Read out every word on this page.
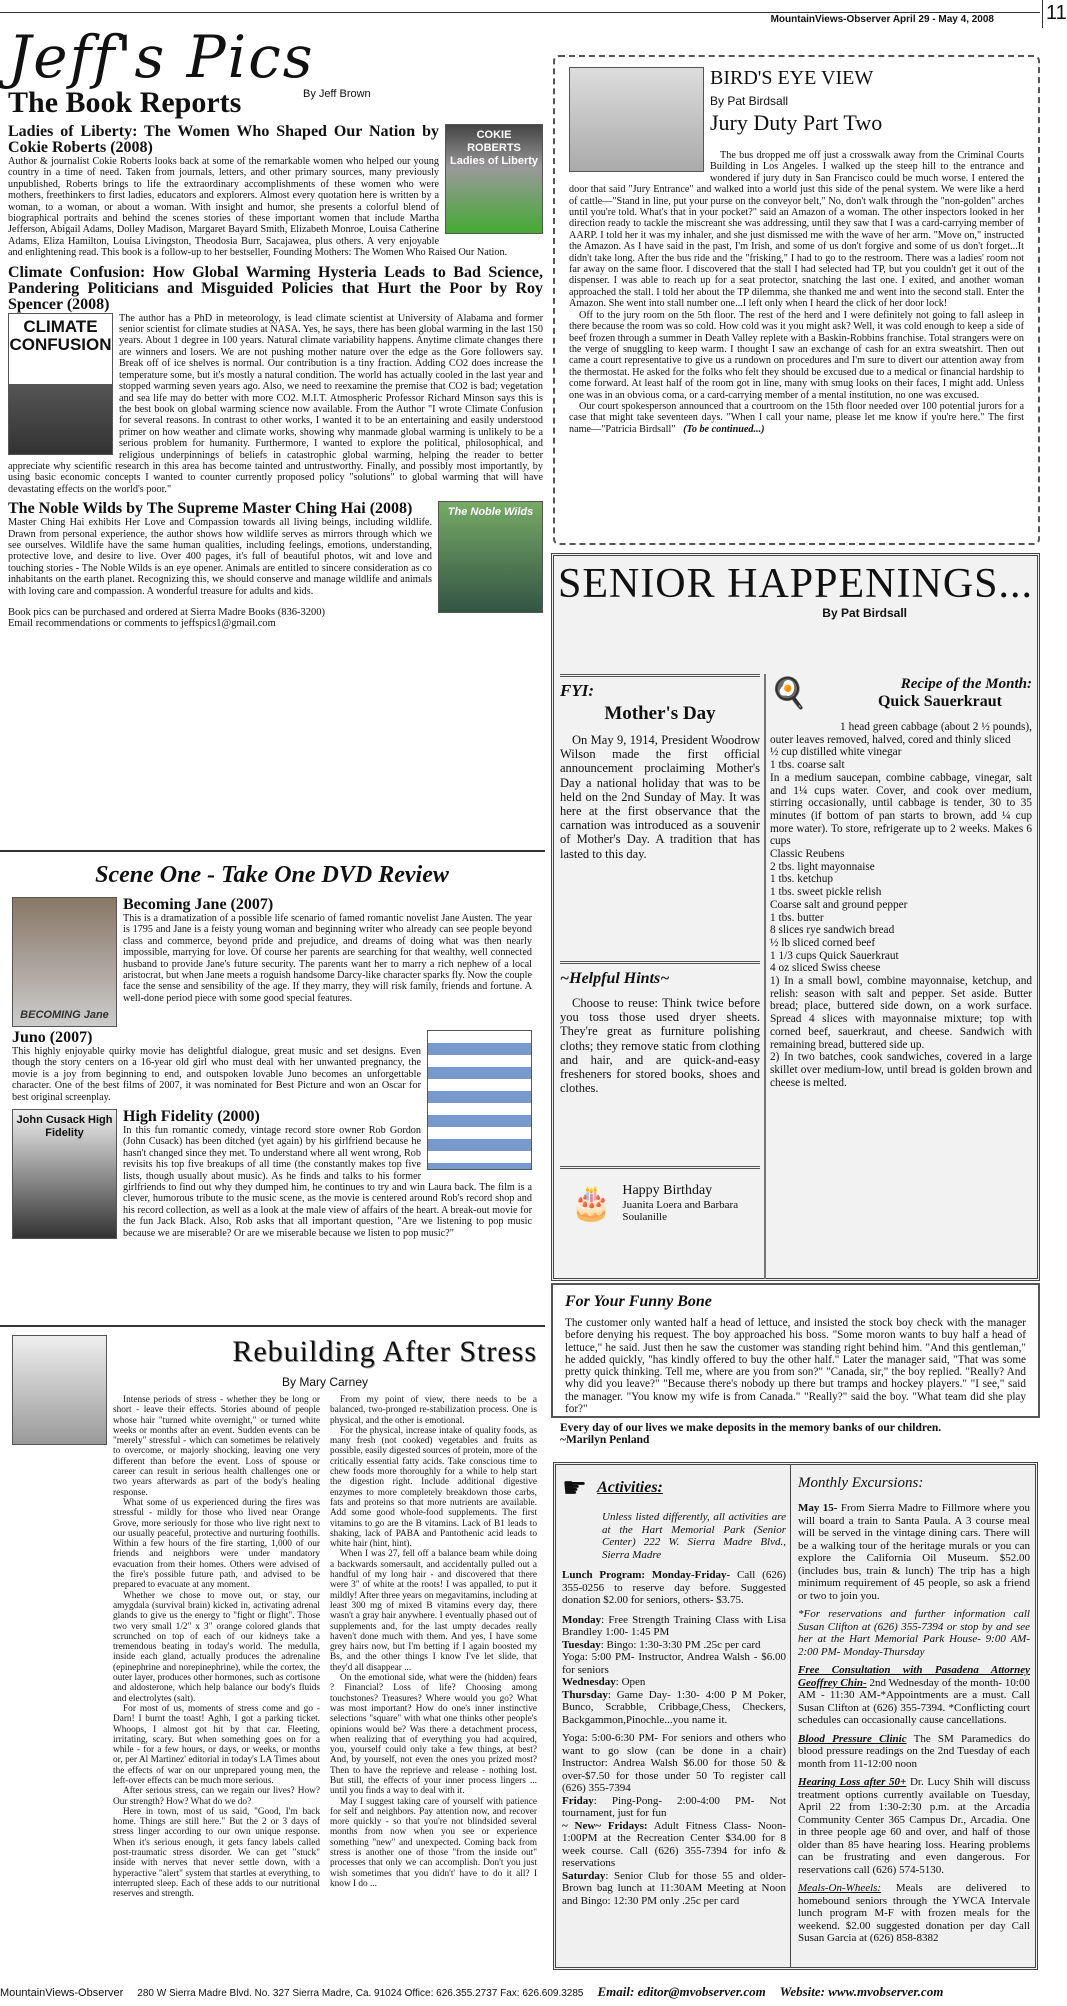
MountainViews-Observer April 29 - May 4, 2008	11
Jeff's Pics
The Book Reports	By Jeff Brown
COKIE ROBERTS Ladies of Liberty
Ladies of Liberty: The Women Who Shaped Our Nation by Cokie Roberts (2008)
Author & journalist Cokie Roberts looks back at some of the remarkable women who helped our young country in a time of need. Taken from journals, letters, and other primary sources, many previously unpublished, Roberts brings to life the extraordinary accomplishments of these women who were mothers, freethinkers to first ladies, educators and explorers. Almost every quotation here is written by a woman, to a woman, or about a woman. With insight and humor, she presents a colorful blend of biographical portraits and behind the scenes stories of these important women that include Martha Jefferson, Abigail Adams, Dolley Madison, Margaret Bayard Smith, Elizabeth Monroe, Louisa Catherine Adams, Eliza Hamilton, Louisa Livingston, Theodosia Burr, Sacajawea, plus others. A very enjoyable and enlightening read. This book is a follow-up to her bestseller, Founding Mothers: The Women Who Raised Our Nation.
Climate Confusion: How Global Warming Hysteria Leads to Bad Science, Pandering Politicians and Misguided Policies that Hurt the Poor by Roy Spencer (2008)
CLIMATE CONFUSION
The author has a PhD in meteorology, is lead climate scientist at University of Alabama and former senior scientist for climate studies at NASA. Yes, he says, there has been global warming in the last 150 years. About 1 degree in 100 years. Natural climate variability happens. Anytime climate changes there are winners and losers. We are not pushing mother nature over the edge as the Gore followers say. Break off of ice shelves is normal. Our contribution is a tiny fraction. Adding CO2 does increase the temperature some, but it's mostly a natural condition. The world has actually cooled in the last year and stopped warming seven years ago. Also, we need to reexamine the premise that CO2 is bad; vegetation and sea life may do better with more CO2. M.I.T. Atmospheric Professor Richard Minson says this is the best book on global warming science now available. From the Author "I wrote Climate Confusion for several reasons. In contrast to other works, I wanted it to be an entertaining and easily understood primer on how weather and climate works, showing why manmade global warming is unlikely to be a serious problem for humanity. Furthermore, I wanted to explore the political, philosophical, and religious underpinnings of beliefs in catastrophic global warming, helping the reader to better appreciate why scientific research in this area has become tainted and untrustworthy. Finally, and possibly most importantly, by using basic economic concepts I wanted to counter currently proposed policy "solutions" to global warming that will have devastating effects on the world's poor."
The Noble Wilds
The Noble Wilds by The Supreme Master Ching Hai (2008)
Master Ching Hai exhibits Her Love and Compassion towards all living beings, including wildlife. Drawn from personal experience, the author shows how wildlife serves as mirrors through which we see ourselves. Wildlife have the same human qualities, including feelings, emotions, understanding, protective love, and desire to live. Over 400 pages, it's full of beautiful photos, wit and love and touching stories - The Noble Wilds is an eye opener. Animals are entitled to sincere consideration as co inhabitants on the earth planet. Recognizing this, we should conserve and manage wildlife and animals with loving care and compassion. A wonderful treasure for adults and kids.
Book pics can be purchased and ordered at Sierra Madre Books (836-3200)
Email recommendations or comments to jeffspics1@gmail.com
Scene One - Take One DVD Review
BECOMING Jane
Becoming Jane (2007)
This is a dramatization of a possible life scenario of famed romantic novelist Jane Austen. The year is 1795 and Jane is a feisty young woman and beginning writer who already can see people beyond class and commerce, beyond pride and prejudice, and dreams of doing what was then nearly impossible, marrying for love. Of course her parents are searching for that wealthy, well connected husband to provide Jane's future security. The parents want her to marry a rich nephew of a local aristocrat, but when Jane meets a roguish handsome Darcy-like character sparks fly. Now the couple face the sense and sensibility of the age. If they marry, they will risk family, friends and fortune. A well-done period piece with some good special features.
Juno (2007)
This highly enjoyable quirky movie has delightful dialogue, great music and set designs. Even though the story centers on a 16-year old girl who must deal with her unwanted pregnancy, the movie is a joy from beginning to end, and outspoken lovable Juno becomes an unforgettable character. One of the best films of 2007, it was nominated for Best Picture and won an Oscar for best original screenplay.
John Cusack High Fidelity
High Fidelity (2000)
In this fun romantic comedy, vintage record store owner Rob Gordon (John Cusack) has been ditched (yet again) by his girlfriend because he hasn't changed since they met. To understand where all went wrong, Rob revisits his top five breakups of all time (the constantly makes top five lists, though usually about music). As he finds and talks to his former girlfriends to find out why they dumped him, he continues to try and win Laura back. The film is a clever, humorous tribute to the music scene, as the movie is centered around Rob's record shop and his record collection, as well as a look at the male view of affairs of the heart. A break-out movie for the fun Jack Black. Also, Rob asks that all important question, "Are we listening to pop music because we are miserable? Or are we miserable because we listen to pop music?"
BIRD'S EYE VIEW
By Pat Birdsall
Jury Duty Part Two

The bus dropped me off just a crosswalk away from the Criminal Courts Building in Los Angeles. I walked up the steep hill to the entrance and wondered if jury duty in San Francisco could be much worse. I entered the door that said "Jury Entrance" and walked into a world just this side of the penal system. We were like a herd of cattle—"Stand in line, put your purse on the conveyor belt," No, don't walk through the "non-golden" arches until you're told. What's that in your pocket?" said an Amazon of a woman. The other inspectors looked in her direction ready to tackle the miscreant she was addressing, until they saw that I was a card-carrying member of AARP. I told her it was my inhaler, and she just dismissed me with the wave of her arm. "Move on," instructed the Amazon. As I have said in the past, I'm Irish, and some of us don't forgive and some of us don't forget...It didn't take long. After the bus ride and the "frisking," I had to go to the restroom. There was a ladies' room not far away on the same floor. I discovered that the stall I had selected had TP, but you couldn't get it out of the dispenser. I was able to reach up for a seat protector, snatching the last one. I exited, and another woman approached the stall. I told her about the TP dilemma, she thanked me and went into the second stall. Enter the Amazon. She went into stall number one...I left only when I heard the click of her door lock!

Off to the jury room on the 5th floor. The rest of the herd and I were definitely not going to fall asleep in there because the room was so cold. How cold was it you might ask? Well, it was cold enough to keep a side of beef frozen through a summer in Death Valley replete with a Baskin-Robbins franchise. Total strangers were on the verge of snuggling to keep warm. I thought I saw an exchange of cash for an extra sweatshirt. Then out came a court representative to give us a rundown on procedures and I'm sure to divert our attention away from the thermostat. He asked for the folks who felt they should be excused due to a medical or financial hardship to come forward. At least half of the room got in line, many with smug looks on their faces, I might add. Unless one was in an obvious coma, or a card-carrying member of a mental institution, no one was excused.

Our court spokesperson announced that a courtroom on the 15th floor needed over 100 potential jurors for a case that might take seventeen days. "When I call your name, please let me know if you're here." The first name—"Patricia Birdsall" (To be continued...)

SENIOR HAPPENINGS...
By Pat Birdsall
FYI:
Mother's Day
On May 9, 1914, President Woodrow Wilson made the first official announcement proclaiming Mother's Day a national holiday that was to be held on the 2nd Sunday of May. It was here at the first observance that the carnation was introduced as a souvenir of Mother's Day. A tradition that has lasted to this day.
~Helpful Hints~
Choose to reuse: Think twice before you toss those used dryer sheets. They're great as furniture polishing cloths; they remove static from clothing and hair, and are quick-and-easy fresheners for stored books, shoes and clothes.
🎂 Happy Birthday
Juanita Loera and Barbara Soulanille
🍳	Recipe of the Month:
Quick Sauerkraut
1 head green cabbage (about 2 ½ pounds), outer leaves removed, halved, cored and thinly sliced
½ cup distilled white vinegar
1 tbs. coarse salt
In a medium saucepan, combine cabbage, vinegar, salt and 1¼ cups water. Cover, and cook over medium, stirring occasionally, until cabbage is tender, 30 to 35 minutes (if bottom of pan starts to brown, add ¼ cup more water). To store, refrigerate up to 2 weeks. Makes 6 cups
Classic Reubens
2 tbs. light mayonnaise
1 tbs. ketchup
1 tbs. sweet pickle relish
Coarse salt and ground pepper
1 tbs. butter
8 slices rye sandwich bread
½ lb sliced corned beef
1 1/3 cups Quick Sauerkraut
4 oz sliced Swiss cheese
1) In a small bowl, combine mayonnaise, ketchup, and relish: season with salt and pepper. Set aside. Butter bread; place, buttered side down, on a work surface. Spread 4 slices with mayonnaise mixture; top with corned beef, sauerkraut, and cheese. Sandwich with remaining bread, buttered side up.
2) In two batches, cook sandwiches, covered in a large skillet over medium-low, until bread is golden brown and cheese is melted.
For Your Funny Bone
The customer only wanted half a head of lettuce, and insisted the stock boy check with the manager before denying his request. The boy approached his boss. "Some moron wants to buy half a head of lettuce," he said. Just then he saw the customer was standing right behind him. "And this gentleman," he added quickly, "has kindly offered to buy the other half." Later the manager said, "That was some pretty quick thinking. Tell me, where are you from son?" "Canada, sir," the boy replied. "Really? And why did you leave?" "Because there's nobody up there but tramps and hockey players." "I see," said the manager. "You know my wife is from Canada." "Really?" said the boy. "What team did she play for?"
Every day of our lives we make deposits in the memory banks of our children.
~Marilyn Penland
☛ Activities:
Unless listed differently, all activities are at the Hart Memorial Park (Senior Center) 222 W. Sierra Madre Blvd., Sierra Madre
Lunch Program: Monday-Friday- Call (626) 355-0256 to reserve day before. Suggested donation $2.00 for seniors, others- $3.75.
Monday: Free Strength Training Class with Lisa Brandley 1:00- 1:45 PM
Tuesday: Bingo: 1:30-3:30 PM .25c per card
Yoga: 5:00 PM- Instructor, Andrea Walsh - $6.00 for seniors
Wednesday: Open
Thursday: Game Day- 1:30- 4:00 P M Poker, Bunco, Scrabble, Cribbage,Chess, Checkers, Backgammon,Pinochle...you name it.
Yoga: 5:00-6:30 PM- For seniors and others who want to go slow (can be done in a chair) Instructor: Andrea Walsh $6.00 for those 50 & over-$7.50 for those under 50 To register call (626) 355-7394
Friday: Ping-Pong- 2:00-4:00 PM- Not tournament, just for fun
~ New~ Fridays: Adult Fitness Class- Noon-1:00PM at the Recreation Center $34.00 for 8 week course. Call (626) 355-7394 for info & reservations
Saturday: Senior Club for those 55 and older- Brown bag lunch at 11:30AM Meeting at Noon and Bingo: 12:30 PM only .25c per card
Monthly Excursions:
May 15- From Sierra Madre to Fillmore where you will board a train to Santa Paula. A 3 course meal will be served in the vintage dining cars. There will be a walking tour of the heritage murals or you can explore the California Oil Museum. $52.00 (includes bus, train & lunch) The trip has a high minimum requirement of 45 people, so ask a friend or two to join you.
*For reservations and further information call Susan Clifton at (626) 355-7394 or stop by and see her at the Hart Memorial Park House- 9:00 AM-2:00 PM- Monday-Thursday
Free Consultation with Pasadena Attorney Geoffrey Chin- 2nd Wednesday of the month- 10:00 AM - 11:30 AM-*Appointments are a must. Call Susan Clifton at (626) 355-7394. *Conflicting court schedules can occasionally cause cancellations.
Blood Pressure Clinic The SM Paramedics do blood pressure readings on the 2nd Tuesday of each month from 11-12:00 noon
Hearing Loss after 50+ Dr. Lucy Shih will discuss treatment options currently available on Tuesday, April 22 from 1:30-2:30 p.m. at the Arcadia Community Center 365 Campus Dr., Arcadia. One in three people age 60 and over, and half of those older than 85 have hearing loss. Hearing problems can be frustrating and even dangerous. For reservations call (626) 574-5130.
Meals-On-Wheels: Meals are delivered to homebound seniors through the YWCA Intervale lunch program M-F with frozen meals for the weekend. $2.00 suggested donation per day Call Susan Garcia at (626) 858-8382
Rebuilding After Stress
By Mary Carney

Intense periods of stress - whether they be long or short - leave their effects. Stories abound of people whose hair "turned white overnight," or turned white weeks or months after an event. Sudden events can be "merely" stressful - which can sometimes be relatively to overcome, or majorly shocking, leaving one very different than before the event. Loss of spouse or career can result in serious health challenges one or two years afterwards as part of the body's healing response.

What some of us experienced during the fires was stressful - mildly for those who lived near Orange Grove, more seriously for those who live right next to our usually peaceful, protective and nurturing foothills. Within a few hours of the fire starting, 1,000 of our friends and neighbors were under mandatory evacuation from their homes. Others were advised of the fire's possible future path, and advised to be prepared to evacuate at any moment.

Whether we chose to move out, or stay, our amygdala (survival brain) kicked in, activating adrenal glands to give us the energy to "fight or flight". Those two very small 1/2" x 3" orange colored glands that scrunched on top of each of our kidneys take a tremendous beating in today's world. The medulla, inside each gland, actually produces the adrenaline (epinephrine and norepinephrine), while the cortex, the outer layer, produces other hormones, such as cortisone and aldosterone, which help balance our body's fluids and electrolytes (salt).

For most of us, moments of stress come and go - Darn! I burnt the toast! Aghh, I got a parking ticket. Whoops, I almost got hit by that car. Fleeting, irritating, scary. But when something goes on for a while - for a few hours, or days, or weeks, or months or, per Al Martinez' editorial in today's LA Times about the effects of war on our unprepared young men, the left-over effects can be much more serious.

After serious stress, can we regain our lives? How? Our strength? How? What do we do?

Here in town, most of us said, "Good, I'm back home. Things are still here." But the 2 or 3 days of stress linger according to our own unique response. When it's serious enough, it gets fancy labels called post-traumatic stress disorder. We can get "stuck" inside with nerves that never settle down, with a hyperactive "alert" system that startles at everything, to interrupted sleep. Each of these adds to our nutritional reserves and strength.

From my point of view, there needs to be a balanced, two-pronged re-stabilization process. One is physical, and the other is emotional.

For the physical, increase intake of quality foods, as many fresh (not cooked) vegetables and fruits as possible, easily digested sources of protein, more of the critically essential fatty acids. Take conscious time to chew foods more thoroughly for a while to help start the digestion right. Include additional digestive enzymes to more completely breakdown those carbs, fats and proteins so that more nutrients are available. Add some good whole-food supplements. The first vitamins to go are the B vitamins. Lack of B1 leads to shaking, lack of PABA and Pantothenic acid leads to white hair (hint, hint).

When I was 27, fell off a balance beam while doing a backwards somersault, and accidentally pulled out a handful of my long hair - and discovered that there were 3" of white at the roots! I was appalled, to put it mildly! After three years on megavitamins, including at least 300 mg of mixed B vitamins every day, there wasn't a gray hair anywhere. I eventually phased out of supplements and, for the last umpty decades really haven't done much with them. And yes, I have some grey hairs now, but I'm betting if I again boosted my Bs, and the other things I know I've let slide, that they'd all disappear ...

On the emotional side, what were the (hidden) fears ? Financial? Loss of life? Choosing among touchstones? Treasures? Where would you go? What was most important? How do one's inner instinctive selections "square" with what one thinks other people's opinions would be? Was there a detachment process, when realizing that of everything you had acquired, you, yourself could only take a few things, at best? And, by yourself, not even the ones you prized most? Then to have the reprieve and release - nothing lost. But still, the effects of your inner process lingers ... until you finds a way to deal with it.

May I suggest taking care of yourself with patience for self and neighbors. Pay attention now, and recover more quickly - so that you're not blindsided several months from now when you see or experience something "new" and unexpected. Coming back from stress is another one of those "from the inside out" processes that only we can accomplish. Don't you just wish sometimes that you didn't' have to do it all? I know I do ...

MountainViews-Observer 280 W Sierra Madre Blvd. No. 327 Sierra Madre, Ca. 91024 Office: 626.355.2737 Fax: 626.609.3285 Email: editor@mvobserver.com Website: www.mvobserver.com
